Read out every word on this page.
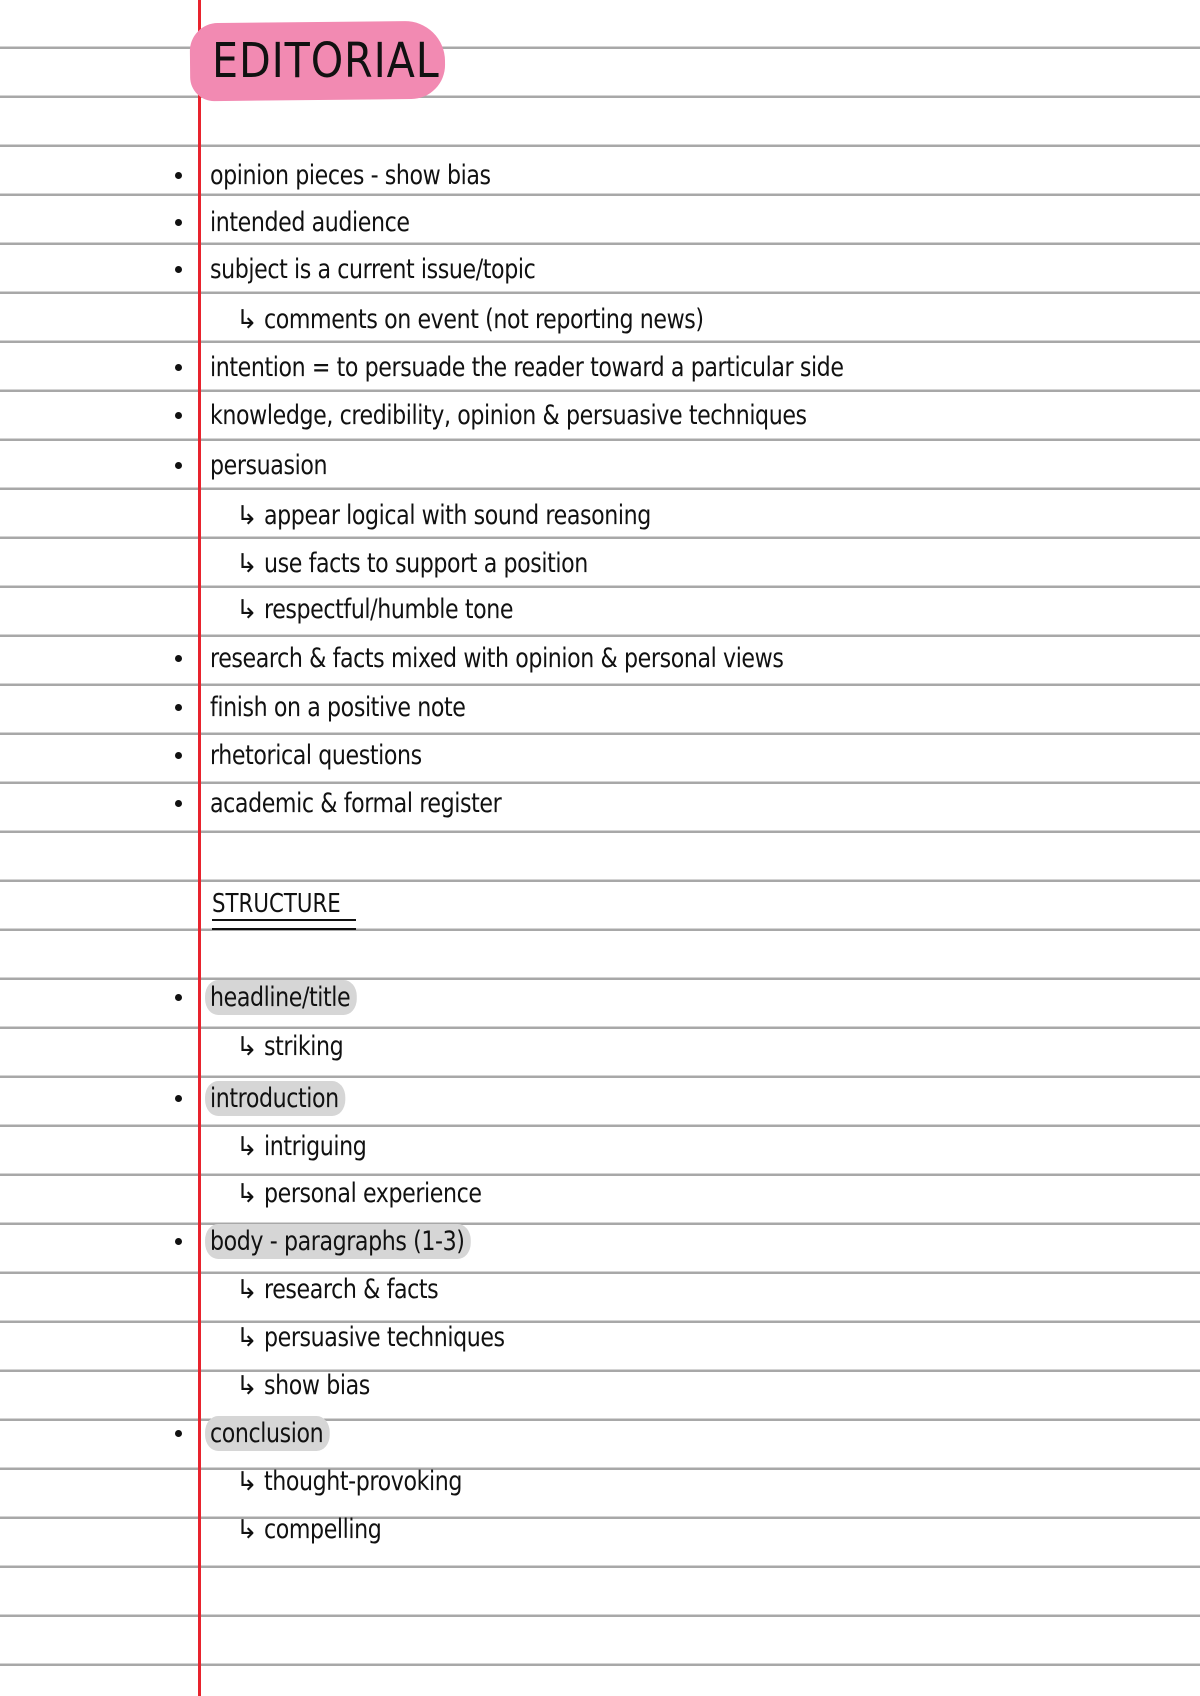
EDITORIAL
opinion pieces - show bias
intended audience
subject is a current issue/topic
↳ comments on event (not reporting news)
intention = to persuade the reader toward a particular side
knowledge, credibility, opinion & persuasive techniques
persuasion
↳ appear logical with sound reasoning
↳ use facts to support a position
↳ respectful/humble tone
research & facts mixed with opinion & personal views
finish on a positive note
rhetorical questions
academic & formal register
STRUCTURE
headline/title
↳ striking
introduction
↳ intriguing
↳ personal experience
body - paragraphs (1-3)
↳ research & facts
↳ persuasive techniques
↳ show bias
conclusion
↳ thought-provoking
↳ compelling
